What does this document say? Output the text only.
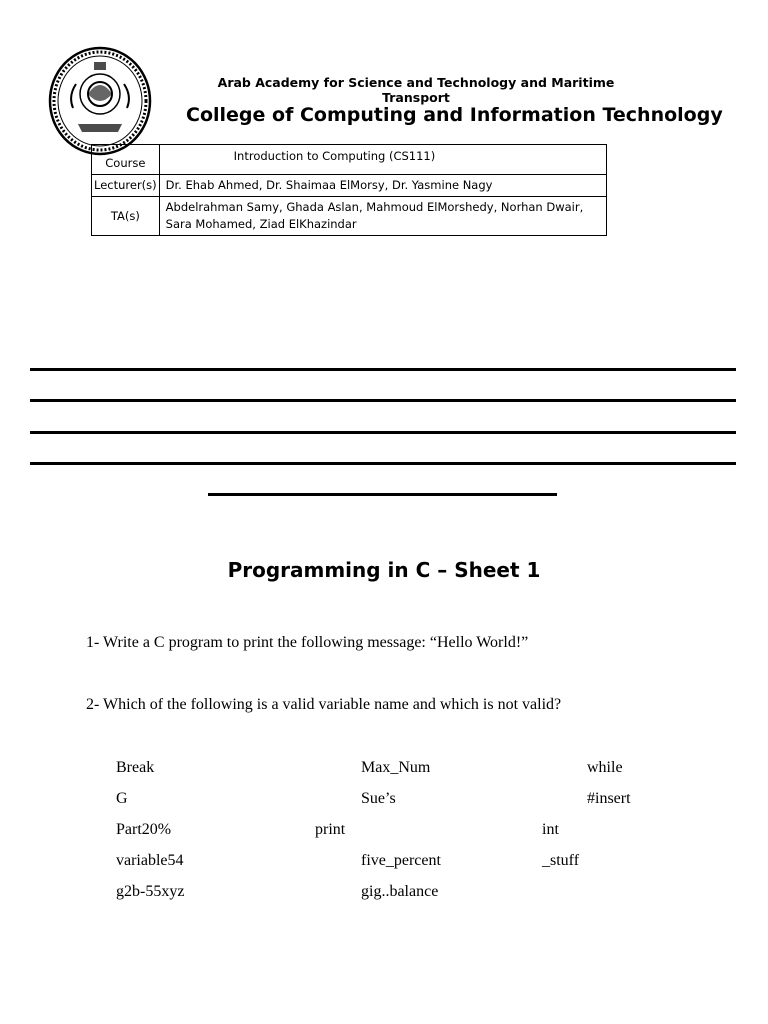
Arab Academy for Science and Technology and Maritime Transport
College of Computing and Information Technology
Course	Introduction to Computing (CS111)
Lecturer(s)	Dr. Ehab Ahmed, Dr. Shaimaa ElMorsy, Dr. Yasmine Nagy
TA(s)	Abdelrahman Samy, Ghada Aslan, Mahmoud ElMorshedy, Norhan Dwair,
Sara Mohamed, Ziad ElKhazindar
Programming in C – Sheet 1
1- Write a C program to print the following message: “Hello World!”
2- Which of the following is a valid variable name and which is not valid?
Break	Max_Num	while
G	Sue’s	#insert
Part20%	print	int
variable54	five_percent	_stuff
g2b-55xyz	gig..balance
